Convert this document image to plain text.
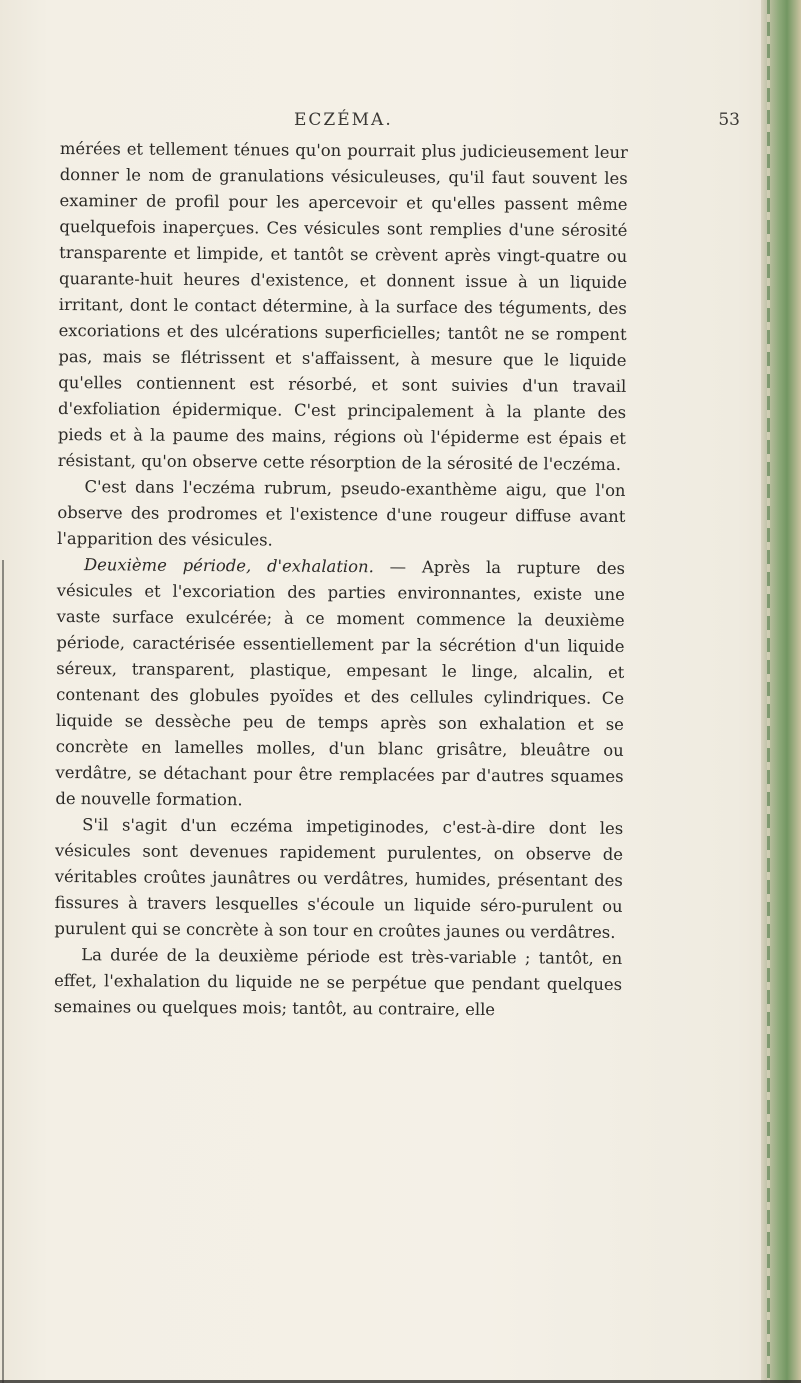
ECZÉMA.	53

mérées et tellement ténues qu'on pourrait plus judicieusement leur donner le nom de granulations vésiculeuses, qu'il faut souvent les examiner de profil pour les apercevoir et qu'elles passent même quelquefois inaperçues. Ces vésicules sont remplies d'une sérosité transparente et limpide, et tantôt se crèvent après vingt-quatre ou quarante-huit heures d'existence, et donnent issue à un liquide irritant, dont le contact détermine, à la surface des téguments, des excoriations et des ulcérations superficielles; tantôt ne se rompent pas, mais se flétrissent et s'affaissent, à mesure que le liquide qu'elles contiennent est résorbé, et sont suivies d'un travail d'exfoliation épidermique. C'est principalement à la plante des pieds et à la paume des mains, régions où l'épiderme est épais et résistant, qu'on observe cette résorption de la sérosité de l'eczéma.

C'est dans l'eczéma rubrum, pseudo-exanthème aigu, que l'on observe des prodromes et l'existence d'une rougeur diffuse avant l'apparition des vésicules.

Deuxième période, d'exhalation. — Après la rupture des vésicules et l'excoriation des parties environnantes, existe une vaste surface exulcérée; à ce moment commence la deuxième période, caractérisée essentiellement par la sécrétion d'un liquide séreux, transparent, plastique, empesant le linge, alcalin, et contenant des globules pyoïdes et des cellules cylindriques. Ce liquide se dessèche peu de temps après son exhalation et se concrète en lamelles molles, d'un blanc grisâtre, bleuâtre ou verdâtre, se détachant pour être remplacées par d'autres squames de nouvelle formation.

S'il s'agit d'un eczéma impetiginodes, c'est-à-dire dont les vésicules sont devenues rapidement purulentes, on observe de véritables croûtes jaunâtres ou verdâtres, humides, présentant des fissures à travers lesquelles s'écoule un liquide séro-purulent ou purulent qui se concrète à son tour en croûtes jaunes ou verdâtres.

La durée de la deuxième période est très-variable ; tantôt, en effet, l'exhalation du liquide ne se perpétue que pendant quelques semaines ou quelques mois; tantôt, au contraire, elle
